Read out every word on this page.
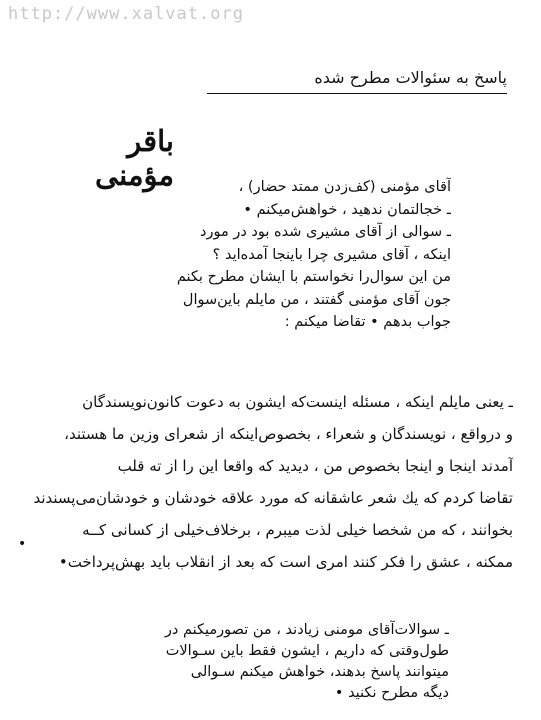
http://www.xalvat.org
پاسخ به سئوالات مطرح شده
باقر مؤمنی	آقای مؤمنی (کف‌زدن ممتد حضار) ،
ـ خجالتمان ندهید ، خواهش‌میکنم •
ـ سوالی از آقای مشیری شده بود در مورد
اینکه ، آقای مشیری چرا باینجا آمده‌اید ؟
من این سوال‌را نخواستم با ایشان مطرح بکنم
جون آقای مؤمنی گفتند ، من مایلم باین‌سوال
جواب بدهم • تقاضا میکنم :
ـ یعنی مایلم اینکه ، مسئله اینست‌که ایشون به دعوت کانون‌نویسندگان
و درواقع ، نویسندگان و شعراء ، بخصوص‌اینکه از شعرای وزین ما هستند،
آمدند اینجا و اینجا بخصوص من ، دیدید که واقعا این را از ته قلب
تقاضا کردم که یك شعر عاشقانه که مورد علاقه خودشان و خودشان‌می‌پسندند
بخوانند ، که من شخصا خیلی لذت میبرم ، برخلاف‌خیلی از کسانی کــه
ممکنه ، عشق را فکر کنند امری است که بعد از انقلاب باید بهش‌پرداخت•
•
ـ سوالات‌آقای مومنی زیادند ، من تصورمیکنم در
طول‌وقتی که داریم ، ایشون فقط باین سـوالات
میتوانند پاسخ بدهند، خواهش میکنم سـوالی
دیگه مطرح نکنید •
